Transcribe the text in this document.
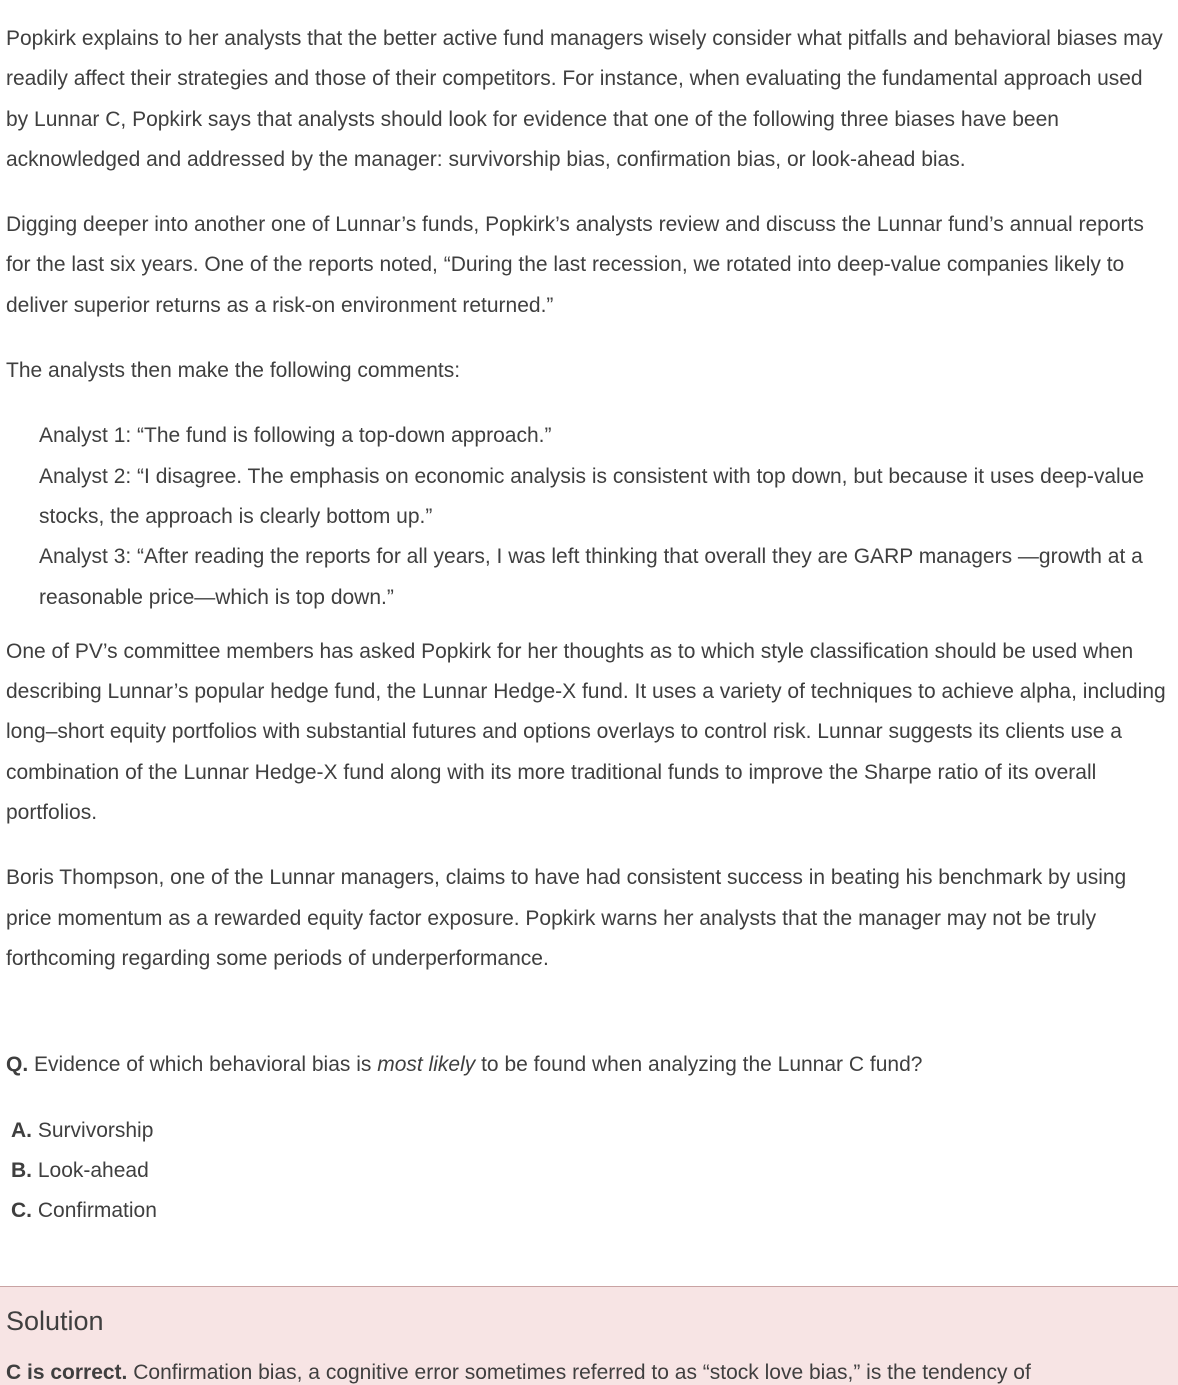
Popkirk explains to her analysts that the better active fund managers wisely consider what pitfalls and behavioral biases may readily affect their strategies and those of their competitors. For instance, when evaluating the fundamental approach used by Lunnar C, Popkirk says that analysts should look for evidence that one of the following three biases have been acknowledged and addressed by the manager: survivorship bias, confirmation bias, or look-ahead bias.

Digging deeper into another one of Lunnar’s funds, Popkirk’s analysts review and discuss the Lunnar fund’s annual reports for the last six years. One of the reports noted, “During the last recession, we rotated into deep-value companies likely to deliver superior returns as a risk-on environment returned.”

The analysts then make the following comments:

Analyst 1: “The fund is following a top-down approach.”

Analyst 2: “I disagree. The emphasis on economic analysis is consistent with top down, but because it uses deep-value stocks, the approach is clearly bottom up.”

Analyst 3: “After reading the reports for all years, I was left thinking that overall they are GARP managers —growth at a reasonable price—which is top down.”

One of PV’s committee members has asked Popkirk for her thoughts as to which style classification should be used when describing Lunnar’s popular hedge fund, the Lunnar Hedge-X fund. It uses a variety of techniques to achieve alpha, including long–short equity portfolios with substantial futures and options overlays to control risk. Lunnar suggests its clients use a combination of the Lunnar Hedge-X fund along with its more traditional funds to improve the Sharpe ratio of its overall portfolios.

Boris Thompson, one of the Lunnar managers, claims to have had consistent success in beating his benchmark by using price momentum as a rewarded equity factor exposure. Popkirk warns her analysts that the manager may not be truly forthcoming regarding some periods of underperformance.

Q. Evidence of which behavioral bias is most likely to be found when analyzing the Lunnar C fund?

A. Survivorship

B. Look-ahead

C. Confirmation

Solution

C is correct. Confirmation bias, a cognitive error sometimes referred to as “stock love bias,” is the tendency of
